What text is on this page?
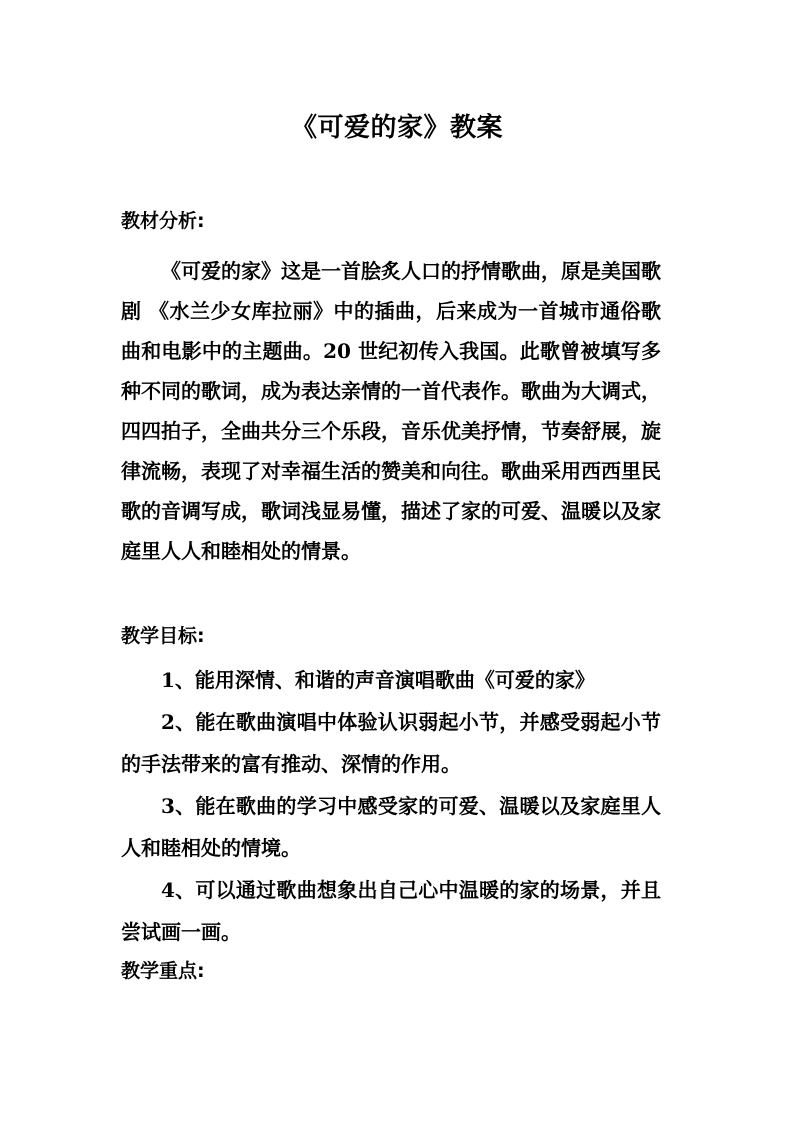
《可爱的家》教案
教材分析:

《可爱的家》这是一首脍炙人口的抒情歌曲，原是美国歌剧 《水兰少女库拉丽》中的插曲，后来成为一首城市通俗歌曲和电影中的主题曲。20 世纪初传入我国。此歌曾被填写多种不同的歌词，成为表达亲情的一首代表作。歌曲为大调式，四四拍子，全曲共分三个乐段，音乐优美抒情，节奏舒展，旋律流畅，表现了对幸福生活的赞美和向往。歌曲采用西西里民歌的音调写成，歌词浅显易懂，描述了家的可爱、温暖以及家庭里人人和睦相处的情景。

教学目标:

1、能用深情、和谐的声音演唱歌曲《可爱的家》

2、能在歌曲演唱中体验认识弱起小节，并感受弱起小节的手法带来的富有推动、深情的作用。

3、能在歌曲的学习中感受家的可爱、温暖以及家庭里人人和睦相处的情境。

4、可以通过歌曲想象出自己心中温暖的家的场景，并且尝试画一画。

教学重点:
